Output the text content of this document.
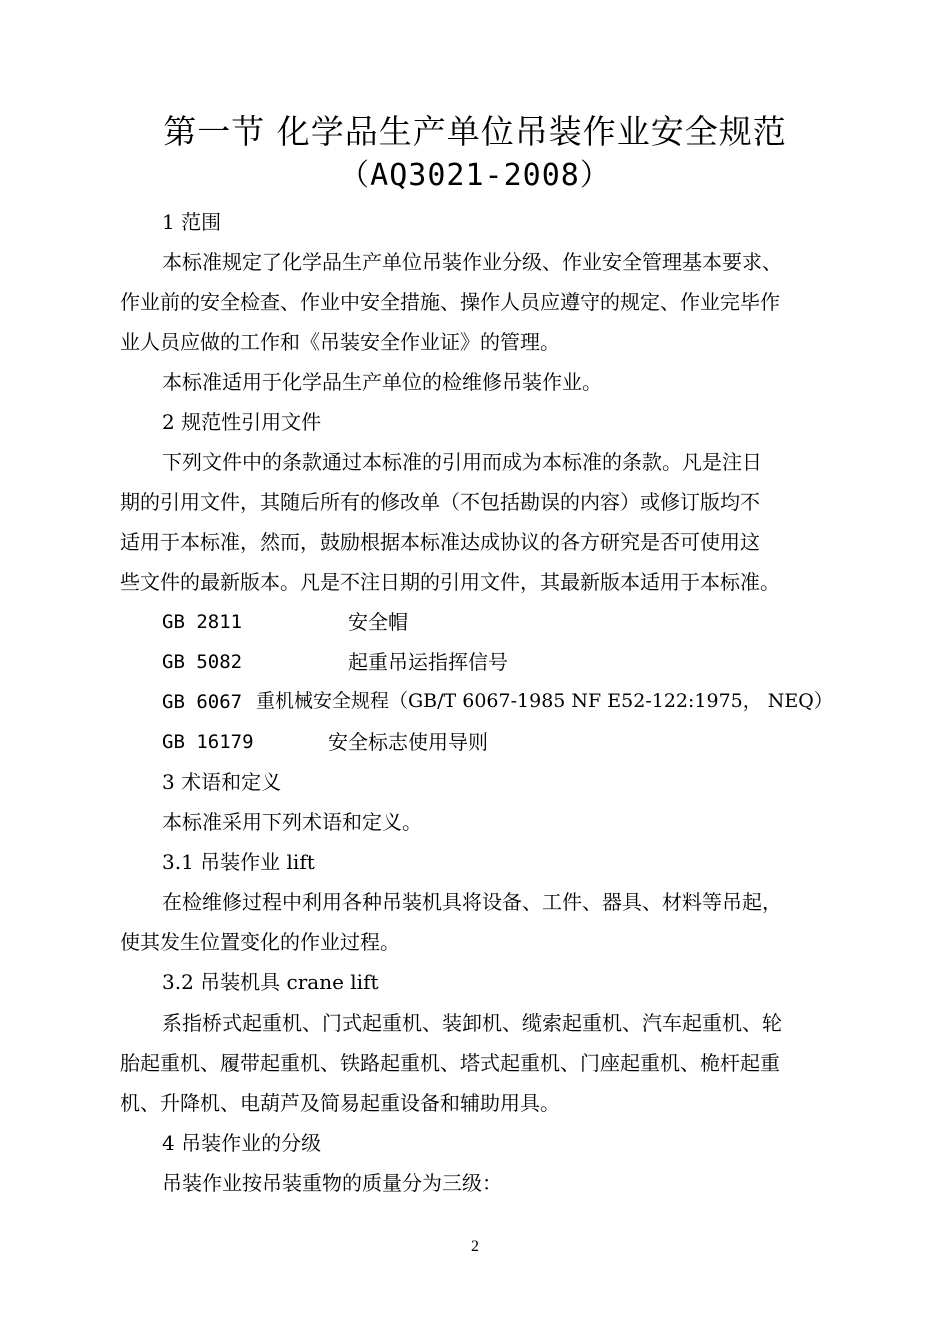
第一节 化学品生产单位吊装作业安全规范
（AQ3021-2008）
1 范围
本标准规定了化学品生产单位吊装作业分级、作业安全管理基本要求、
作业前的安全检查、作业中安全措施、操作人员应遵守的规定、作业完毕作
业人员应做的工作和《吊装安全作业证》的管理。
本标准适用于化学品生产单位的检维修吊装作业。
2 规范性引用文件
下列文件中的条款通过本标准的引用而成为本标准的条款。凡是注日
期的引用文件，其随后所有的修改单（不包括勘误的内容）或修订版均不
适用于本标准，然而，鼓励根据本标准达成协议的各方研究是否可使用这
些文件的最新版本。凡是不注日期的引用文件，其最新版本适用于本标准。
GB 2811	安全帽
GB 5082	起重吊运指挥信号
GB 6067 重机械安全规程（GB/T 6067-1985 NF E52-122:1975， NEQ）
GB 16179	安全标志使用导则
3 术语和定义
本标准采用下列术语和定义。
3.1 吊装作业 lift
在检维修过程中利用各种吊装机具将设备、工件、器具、材料等吊起，
使其发生位置变化的作业过程。
3.2 吊装机具 crane lift
系指桥式起重机、门式起重机、装卸机、缆索起重机、汽车起重机、轮
胎起重机、履带起重机、铁路起重机、塔式起重机、门座起重机、桅杆起重
机、升降机、电葫芦及简易起重设备和辅助用具。
4 吊装作业的分级
吊装作业按吊装重物的质量分为三级：
2
